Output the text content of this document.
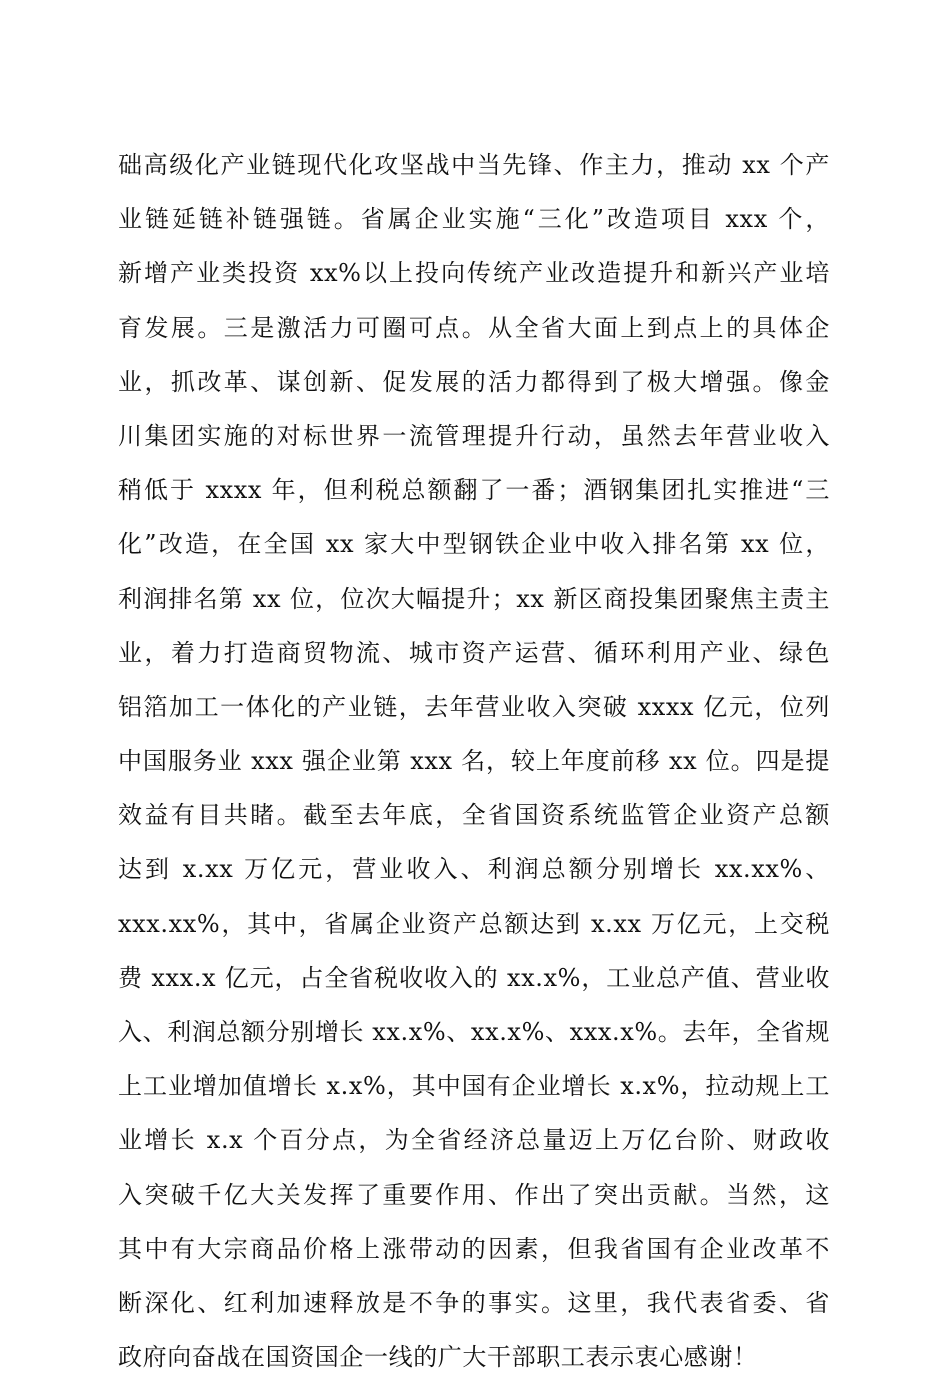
础高级化产业链现代化攻坚战中当先锋、作主力，推动 xx 个产
业链延链补链强链。省属企业实施“三化”改造项目 xxx 个，
新增产业类投资 xx%以上投向传统产业改造提升和新兴产业培
育发展。三是激活力可圈可点。从全省大面上到点上的具体企
业，抓改革、谋创新、促发展的活力都得到了极大增强。像金
川集团实施的对标世界一流管理提升行动，虽然去年营业收入
稍低于 xxxx 年，但利税总额翻了一番；酒钢集团扎实推进“三
化”改造，在全国 xx 家大中型钢铁企业中收入排名第 xx 位，
利润排名第 xx 位，位次大幅提升；xx 新区商投集团聚焦主责主
业，着力打造商贸物流、城市资产运营、循环利用产业、绿色
铝箔加工一体化的产业链，去年营业收入突破 xxxx 亿元，位列
中国服务业 xxx 强企业第 xxx 名，较上年度前移 xx 位。四是提
效益有目共睹。截至去年底，全省国资系统监管企业资产总额
达到 x.xx 万亿元，营业收入、利润总额分别增长 xx.xx%、
xxx.xx%，其中，省属企业资产总额达到 x.xx 万亿元，上交税
费 xxx.x 亿元，占全省税收收入的 xx.x%，工业总产值、营业收
入、利润总额分别增长 xx.x%、xx.x%、xxx.x%。去年，全省规
上工业增加值增长 x.x%，其中国有企业增长 x.x%，拉动规上工
业增长 x.x 个百分点，为全省经济总量迈上万亿台阶、财政收
入突破千亿大关发挥了重要作用、作出了突出贡献。当然，这
其中有大宗商品价格上涨带动的因素，但我省国有企业改革不
断深化、红利加速释放是不争的事实。这里，我代表省委、省
政府向奋战在国资国企一线的广大干部职工表示衷心感谢！
